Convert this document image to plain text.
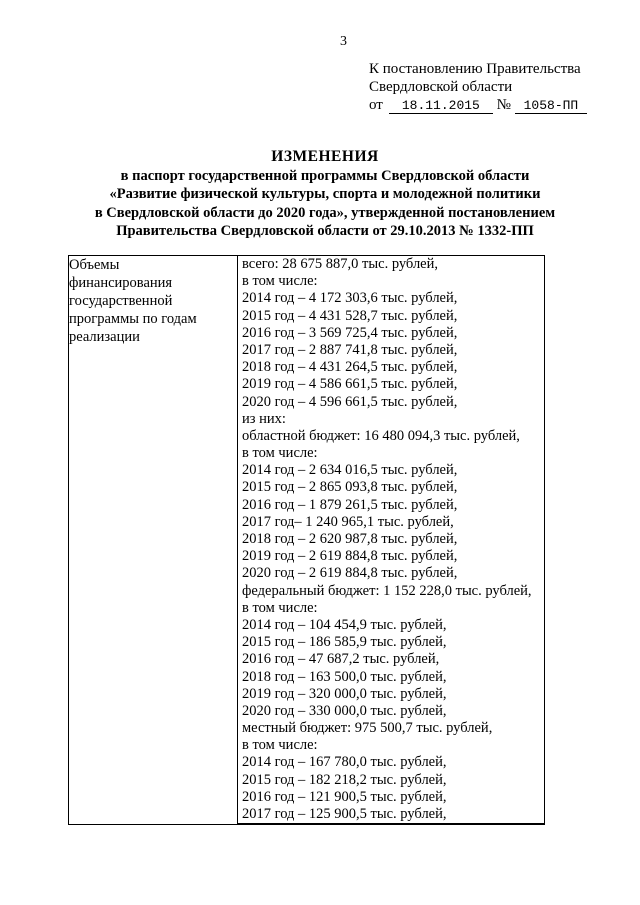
3
К постановлению Правительства
Свердловской области
от 18.11.2015 № 1058-ПП
ИЗМЕНЕНИЯ
в паспорт государственной программы Свердловской области
«Развитие физической культуры, спорта и молодежной политики
в Свердловской области до 2020 года», утвержденной постановлением
Правительства Свердловской области от 29.10.2013 № 1332-ПП
Объемы
финансирования
государственной
программы по годам
реализации

всего: 28 675 887,0 тыс. рублей,
в том числе:
2014 год – 4 172 303,6 тыс. рублей,
2015 год – 4 431 528,7 тыс. рублей,
2016 год – 3 569 725,4 тыс. рублей,
2017 год – 2 887 741,8 тыс. рублей,
2018 год – 4 431 264,5 тыс. рублей,
2019 год – 4 586 661,5 тыс. рублей,
2020 год – 4 596 661,5 тыс. рублей,
из них:
областной бюджет: 16 480 094,3 тыс. рублей,
в том числе:
2014 год – 2 634 016,5 тыс. рублей,
2015 год – 2 865 093,8 тыс. рублей,
2016 год – 1 879 261,5 тыс. рублей,
2017 год– 1 240 965,1 тыс. рублей,
2018 год – 2 620 987,8 тыс. рублей,
2019 год – 2 619 884,8 тыс. рублей,
2020 год – 2 619 884,8 тыс. рублей,
федеральный бюджет: 1 152 228,0 тыс. рублей,
в том числе:
2014 год – 104 454,9 тыс. рублей,
2015 год – 186 585,9 тыс. рублей,
2016 год – 47 687,2 тыс. рублей,
2018 год – 163 500,0 тыс. рублей,
2019 год – 320 000,0 тыс. рублей,
2020 год – 330 000,0 тыс. рублей,
местный бюджет: 975 500,7 тыс. рублей,
в том числе:
2014 год – 167 780,0 тыс. рублей,
2015 год – 182 218,2 тыс. рублей,
2016 год – 121 900,5 тыс. рублей,
2017 год – 125 900,5 тыс. рублей,
